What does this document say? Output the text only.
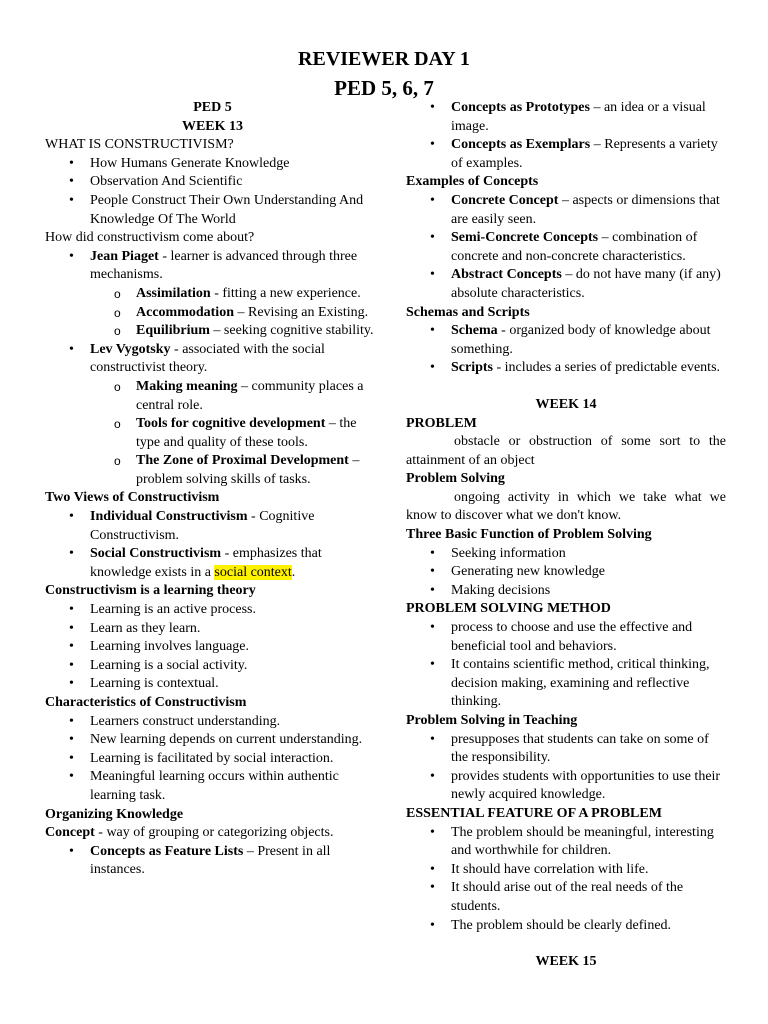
REVIEWER DAY 1
PED 5, 6, 7

PED 5

WEEK 13

WHAT IS CONSTRUCTIVISM?

• How Humans Generate Knowledge
• Observation And Scientific
• People Construct Their Own Understanding And Knowledge Of The World

How did constructivism come about?

• Jean Piaget - learner is advanced through three mechanisms.
o Assimilation - fitting a new experience.
o Accommodation – Revising an Existing.
o Equilibrium – seeking cognitive stability.
• Lev Vygotsky - associated with the social constructivist theory.
o Making meaning – community places a central role.
o Tools for cognitive development – the type and quality of these tools.
o The Zone of Proximal Development – problem solving skills of tasks.

Two Views of Constructivism

• Individual Constructivism - Cognitive Constructivism.
• Social Constructivism - emphasizes that knowledge exists in a social context.

Constructivism is a learning theory

• Learning is an active process.
• Learn as they learn.
• Learning involves language.
• Learning is a social activity.
• Learning is contextual.

Characteristics of Constructivism

• Learners construct understanding.
• New learning depends on current understanding.
• Learning is facilitated by social interaction.
• Meaningful learning occurs within authentic learning task.

Organizing Knowledge

Concept - way of grouping or categorizing objects.

• Concepts as Feature Lists – Present in all instances.
• Concepts as Prototypes – an idea or a visual image.
• Concepts as Exemplars – Represents a variety of examples.

Examples of Concepts

• Concrete Concept – aspects or dimensions that are easily seen.
• Semi-Concrete Concepts – combination of concrete and non-concrete characteristics.
• Abstract Concepts – do not have many (if any) absolute characteristics.

Schemas and Scripts

• Schema - organized body of knowledge about something.
• Scripts - includes a series of predictable events.

WEEK 14

PROBLEM

obstacle or obstruction of some sort to the attainment of an object

Problem Solving

ongoing activity in which we take what we know to discover what we don't know.

Three Basic Function of Problem Solving

• Seeking information
• Generating new knowledge
• Making decisions

PROBLEM SOLVING METHOD

• process to choose and use the effective and beneficial tool and behaviors.
• It contains scientific method, critical thinking, decision making, examining and reflective thinking.

Problem Solving in Teaching

• presupposes that students can take on some of the responsibility.
• provides students with opportunities to use their newly acquired knowledge.

ESSENTIAL FEATURE OF A PROBLEM

• The problem should be meaningful, interesting and worthwhile for children.
• It should have correlation with life.
• It should arise out of the real needs of the students.
• The problem should be clearly defined.

WEEK 15
